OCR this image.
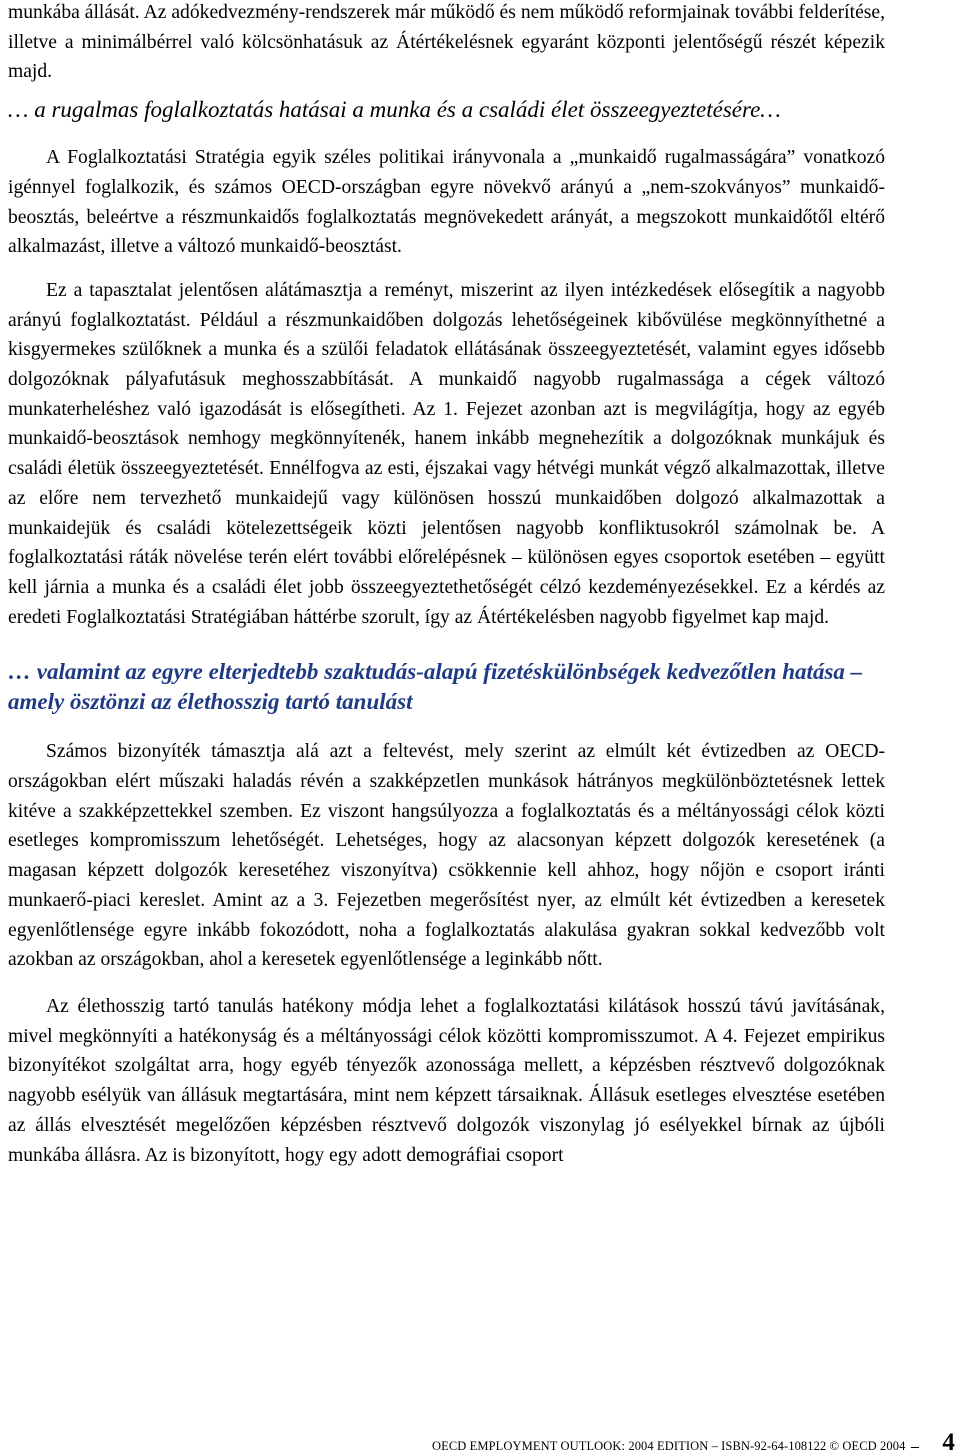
munkába állását. Az adókedvezmény-rendszerek már működő és nem működő reformjainak további felderítése, illetve a minimálbérrel való kölcsönhatásuk az Átértékelésnek egyaránt központi jelentőségű részét képezik majd.

… a rugalmas foglalkoztatás hatásai a munka és a családi élet összeegyeztetésére…

A Foglalkoztatási Stratégia egyik széles politikai irányvonala a „munkaidő rugalmasságára” vonatkozó igénnyel foglalkozik, és számos OECD-országban egyre növekvő arányú a „nem-szokványos” munkaidő-beosztás, beleértve a részmunkaidős foglalkoztatás megnövekedett arányát, a megszokott munkaidőtől eltérő alkalmazást, illetve a változó munkaidő-beosztást.

Ez a tapasztalat jelentősen alátámasztja a reményt, miszerint az ilyen intézkedések elősegítik a nagyobb arányú foglalkoztatást. Például a részmunkaidőben dolgozás lehetőségeinek kibővülése megkönnyíthetné a kisgyermekes szülőknek a munka és a szülői feladatok ellátásának összeegyeztetését, valamint egyes idősebb dolgozóknak pályafutásuk meghosszabbítását. A munkaidő nagyobb rugalmassága a cégek változó munkaterheléshez való igazodását is elősegítheti. Az 1. Fejezet azonban azt is megvilágítja, hogy az egyéb munkaidő-beosztások nemhogy megkönnyítenék, hanem inkább megnehezítik a dolgozóknak munkájuk és családi életük összeegyeztetését. Ennélfogva az esti, éjszakai vagy hétvégi munkát végző alkalmazottak, illetve az előre nem tervezhető munkaidejű vagy különösen hosszú munkaidőben dolgozó alkalmazottak a munkaidejük és családi kötelezettségeik közti jelentősen nagyobb konfliktusokról számolnak be. A foglalkoztatási ráták növelése terén elért további előrelépésnek – különösen egyes csoportok esetében – együtt kell járnia a munka és a családi élet jobb összeegyeztethetőségét célzó kezdeményezésekkel. Ez a kérdés az eredeti Foglalkoztatási Stratégiában háttérbe szorult, így az Átértékelésben nagyobb figyelmet kap majd.

… valamint az egyre elterjedtebb szaktudás-alapú fizetéskülönbségek kedvezőtlen hatása – amely ösztönzi az élethosszig tartó tanulást

Számos bizonyíték támasztja alá azt a feltevést, mely szerint az elmúlt két évtizedben az OECD-országokban elért műszaki haladás révén a szakképzetlen munkások hátrányos megkülönböztetésnek lettek kitéve a szakképzettekkel szemben. Ez viszont hangsúlyozza a foglalkoztatás és a méltányossági célok közti esetleges kompromisszum lehetőségét. Lehetséges, hogy az alacsonyan képzett dolgozók keresetének (a magasan képzett dolgozók keresetéhez viszonyítva) csökkennie kell ahhoz, hogy nőjön e csoport iránti munkaerő-piaci kereslet. Amint az a 3. Fejezetben megerősítést nyer, az elmúlt két évtizedben a keresetek egyenlőtlensége egyre inkább fokozódott, noha a foglalkoztatás alakulása gyakran sokkal kedvezőbb volt azokban az országokban, ahol a keresetek egyenlőtlensége a leginkább nőtt.

Az élethosszig tartó tanulás hatékony módja lehet a foglalkoztatási kilátások hosszú távú javításának, mivel megkönnyíti a hatékonyság és a méltányossági célok közötti kompromisszumot. A 4. Fejezet empirikus bizonyítékot szolgáltat arra, hogy egyéb tényezők azonossága mellett, a képzésben résztvevő dolgozóknak nagyobb esélyük van állásuk megtartására, mint nem képzett társaiknak. Állásuk esetleges elvesztése esetében az állás elvesztését megelőzően képzésben résztvevő dolgozók viszonylag jó esélyekkel bírnak az újbóli munkába állásra. Az is bizonyított, hogy egy adott demográfiai csoport

OECD EMPLOYMENT OUTLOOK: 2004 EDITION – ISBN-92-64-108122 © OECD 2004 4
